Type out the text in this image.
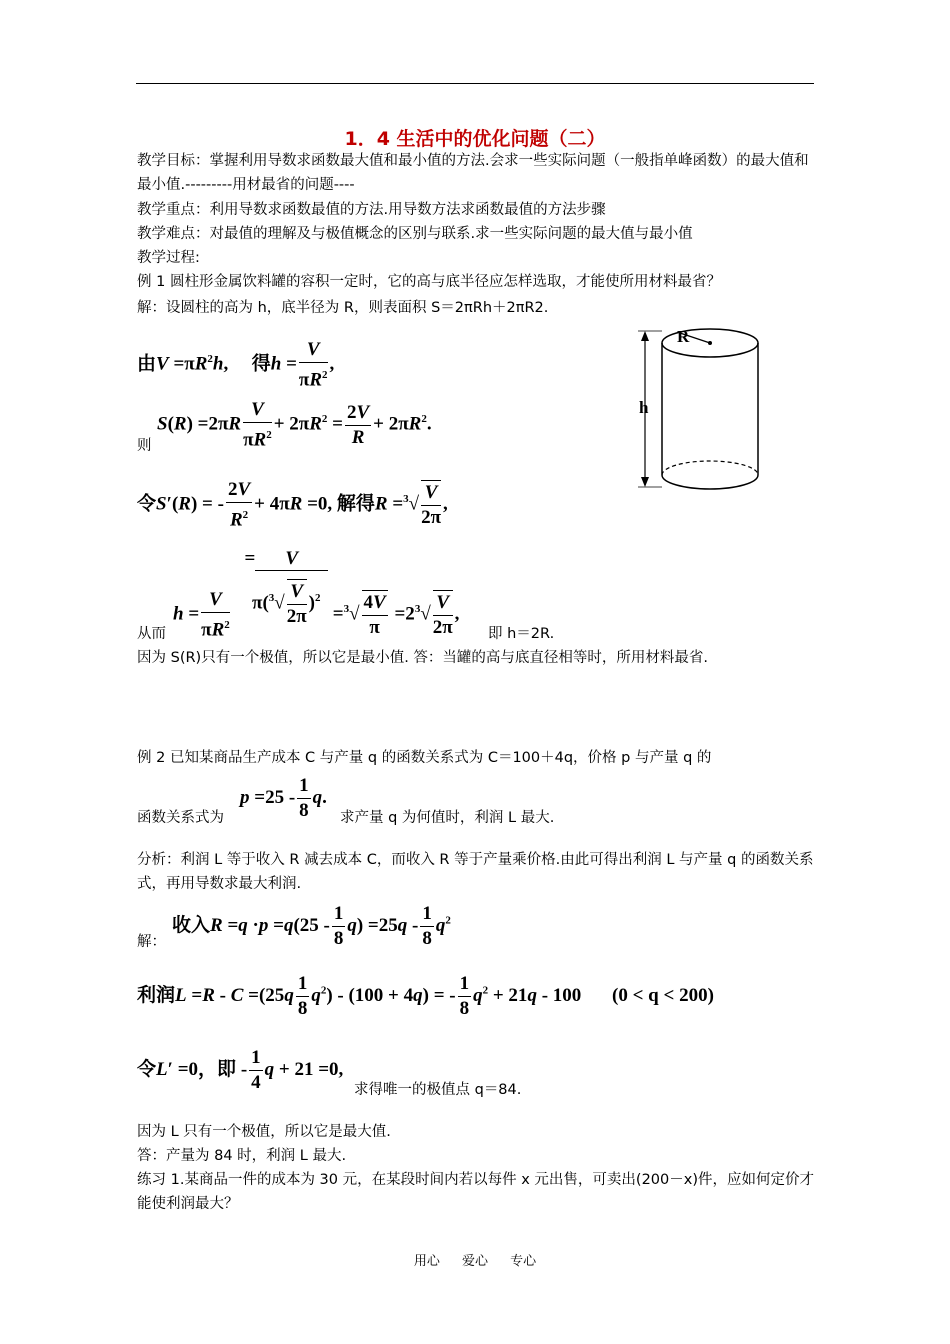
1．4 生活中的优化问题（二）
教学目标：掌握利用导数求函数最大值和最小值的方法.会求一些实际问题（一般指单峰函数）的最大值和最小值.---------用材最省的问题----
教学重点：利用导数求函数最值的方法.用导数方法求函数最值的方法步骤
教学难点：对最值的理解及与极值概念的区别与联系.求一些实际问题的最大值与最小值
教学过程:
例 1 圆柱形金属饮料罐的容积一定时，它的高与底半径应怎样选取，才能使所用材料最省？
解：设圆柱的高为 h，底半径为 R，则表面积 S＝2πRh＋2πR2.
由$V =\pi R^2h$,  得$h = \frac{V}{\pi R^2}$ ,
$S(R) =2\pi R \frac{V}{\pi R^2} + 2\pi R^2 = \frac{2V}{R} + 2\pi R^2$.
则
令S′(R) = - $\frac{2V}{R^2} + 4\pi R =0$, 解得$R =^3√ \frac{V}{2\pi}$ ,
$h = \frac{V}{\pi R^2}$
= V
$\pi(^3√ \frac{V}{2\pi} )^2 =^3√ \frac{4V}{\pi} =2^3√ \frac{V}{2\pi}$ ,
从而	即 h＝2R.
因为 S(R)只有一个极值，所以它是最小值. 答：当罐的高与底直径相等时，所用材料最省.
R
h
例 2 已知某商品生产成本 C 与产量 q 的函数关系式为 C＝100＋4q，价格 p 与产量 q 的
$p =25 - \frac{1}{8} q$.
函数关系式为	求产量 q 为何值时，利润 L 最大.
分析：利润 L 等于收入 R 减去成本 C，而收入 R 等于产量乘价格.由此可得出利润 L 与产量 q 的函数关系式，再用导数求最大利润.
收入$R =q \cdot p =q(25 - \frac{1}{8} q) =25q - \frac{1}{8} q^2$
解：
利润$L =R - C =(25q \frac{1}{8} q^2) - (100 + 4q)$ = - $\frac{1}{8} q^2 + 21q - 100$ (0 < q < 200)
令L′ =0，即 - $\frac{1}{4}$ q + 21 =0,
求得唯一的极值点 q＝84.
因为 L 只有一个极值，所以它是最大值.
答：产量为 84 时，利润 L 最大.
练习 1.某商品一件的成本为 30 元，在某段时间内若以每件 x 元出售，可卖出(200－x)件，应如何定价才能使利润最大？
用心 爱心 专心
